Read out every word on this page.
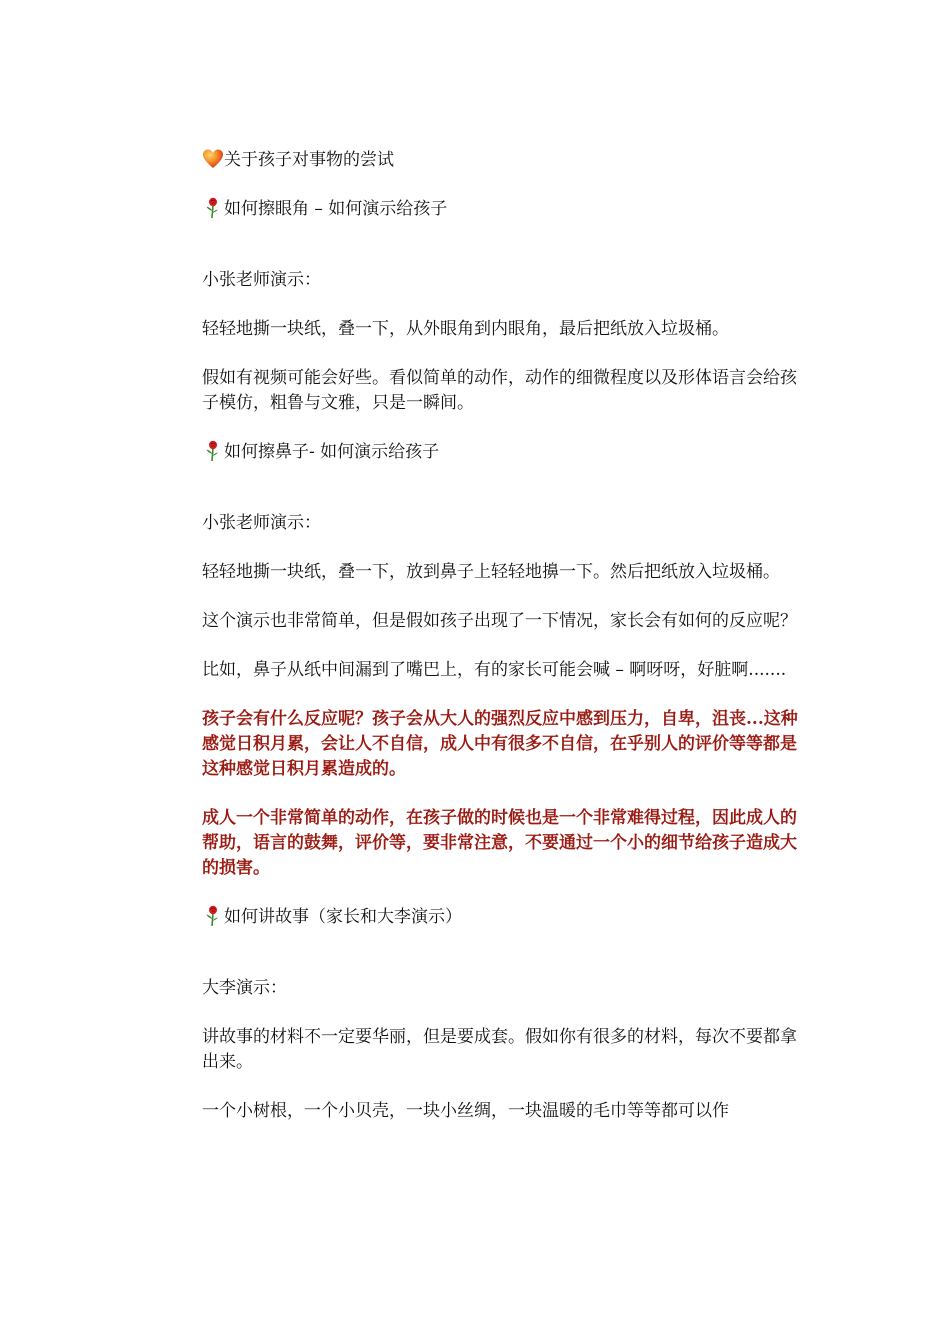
关于孩子对事物的尝试
如何擦眼角 – 如何演示给孩子

小张老师演示：

轻轻地撕一块纸，叠一下，从外眼角到内眼角，最后把纸放入垃圾桶。

假如有视频可能会好些。看似简单的动作，动作的细微程度以及形体语言会给孩子模仿，粗鲁与文雅，只是一瞬间。

如何擦鼻子- 如何演示给孩子

小张老师演示：

轻轻地撕一块纸，叠一下，放到鼻子上轻轻地擤一下。然后把纸放入垃圾桶。

这个演示也非常简单，但是假如孩子出现了一下情况，家长会有如何的反应呢？

比如，鼻子从纸中间漏到了嘴巴上，有的家长可能会喊 – 啊呀呀，好脏啊.......

孩子会有什么反应呢？孩子会从大人的强烈反应中感到压力，自卑，沮丧...这种感觉日积月累，会让人不自信，成人中有很多不自信，在乎别人的评价等等都是这种感觉日积月累造成的。

成人一个非常简单的动作，在孩子做的时候也是一个非常难得过程，因此成人的帮助，语言的鼓舞，评价等，要非常注意，不要通过一个小的细节给孩子造成大的损害。

如何讲故事（家长和大李演示）

大李演示：

讲故事的材料不一定要华丽，但是要成套。假如你有很多的材料，每次不要都拿出来。

一个小树根，一个小贝壳，一块小丝绸，一块温暖的毛巾等等都可以作
